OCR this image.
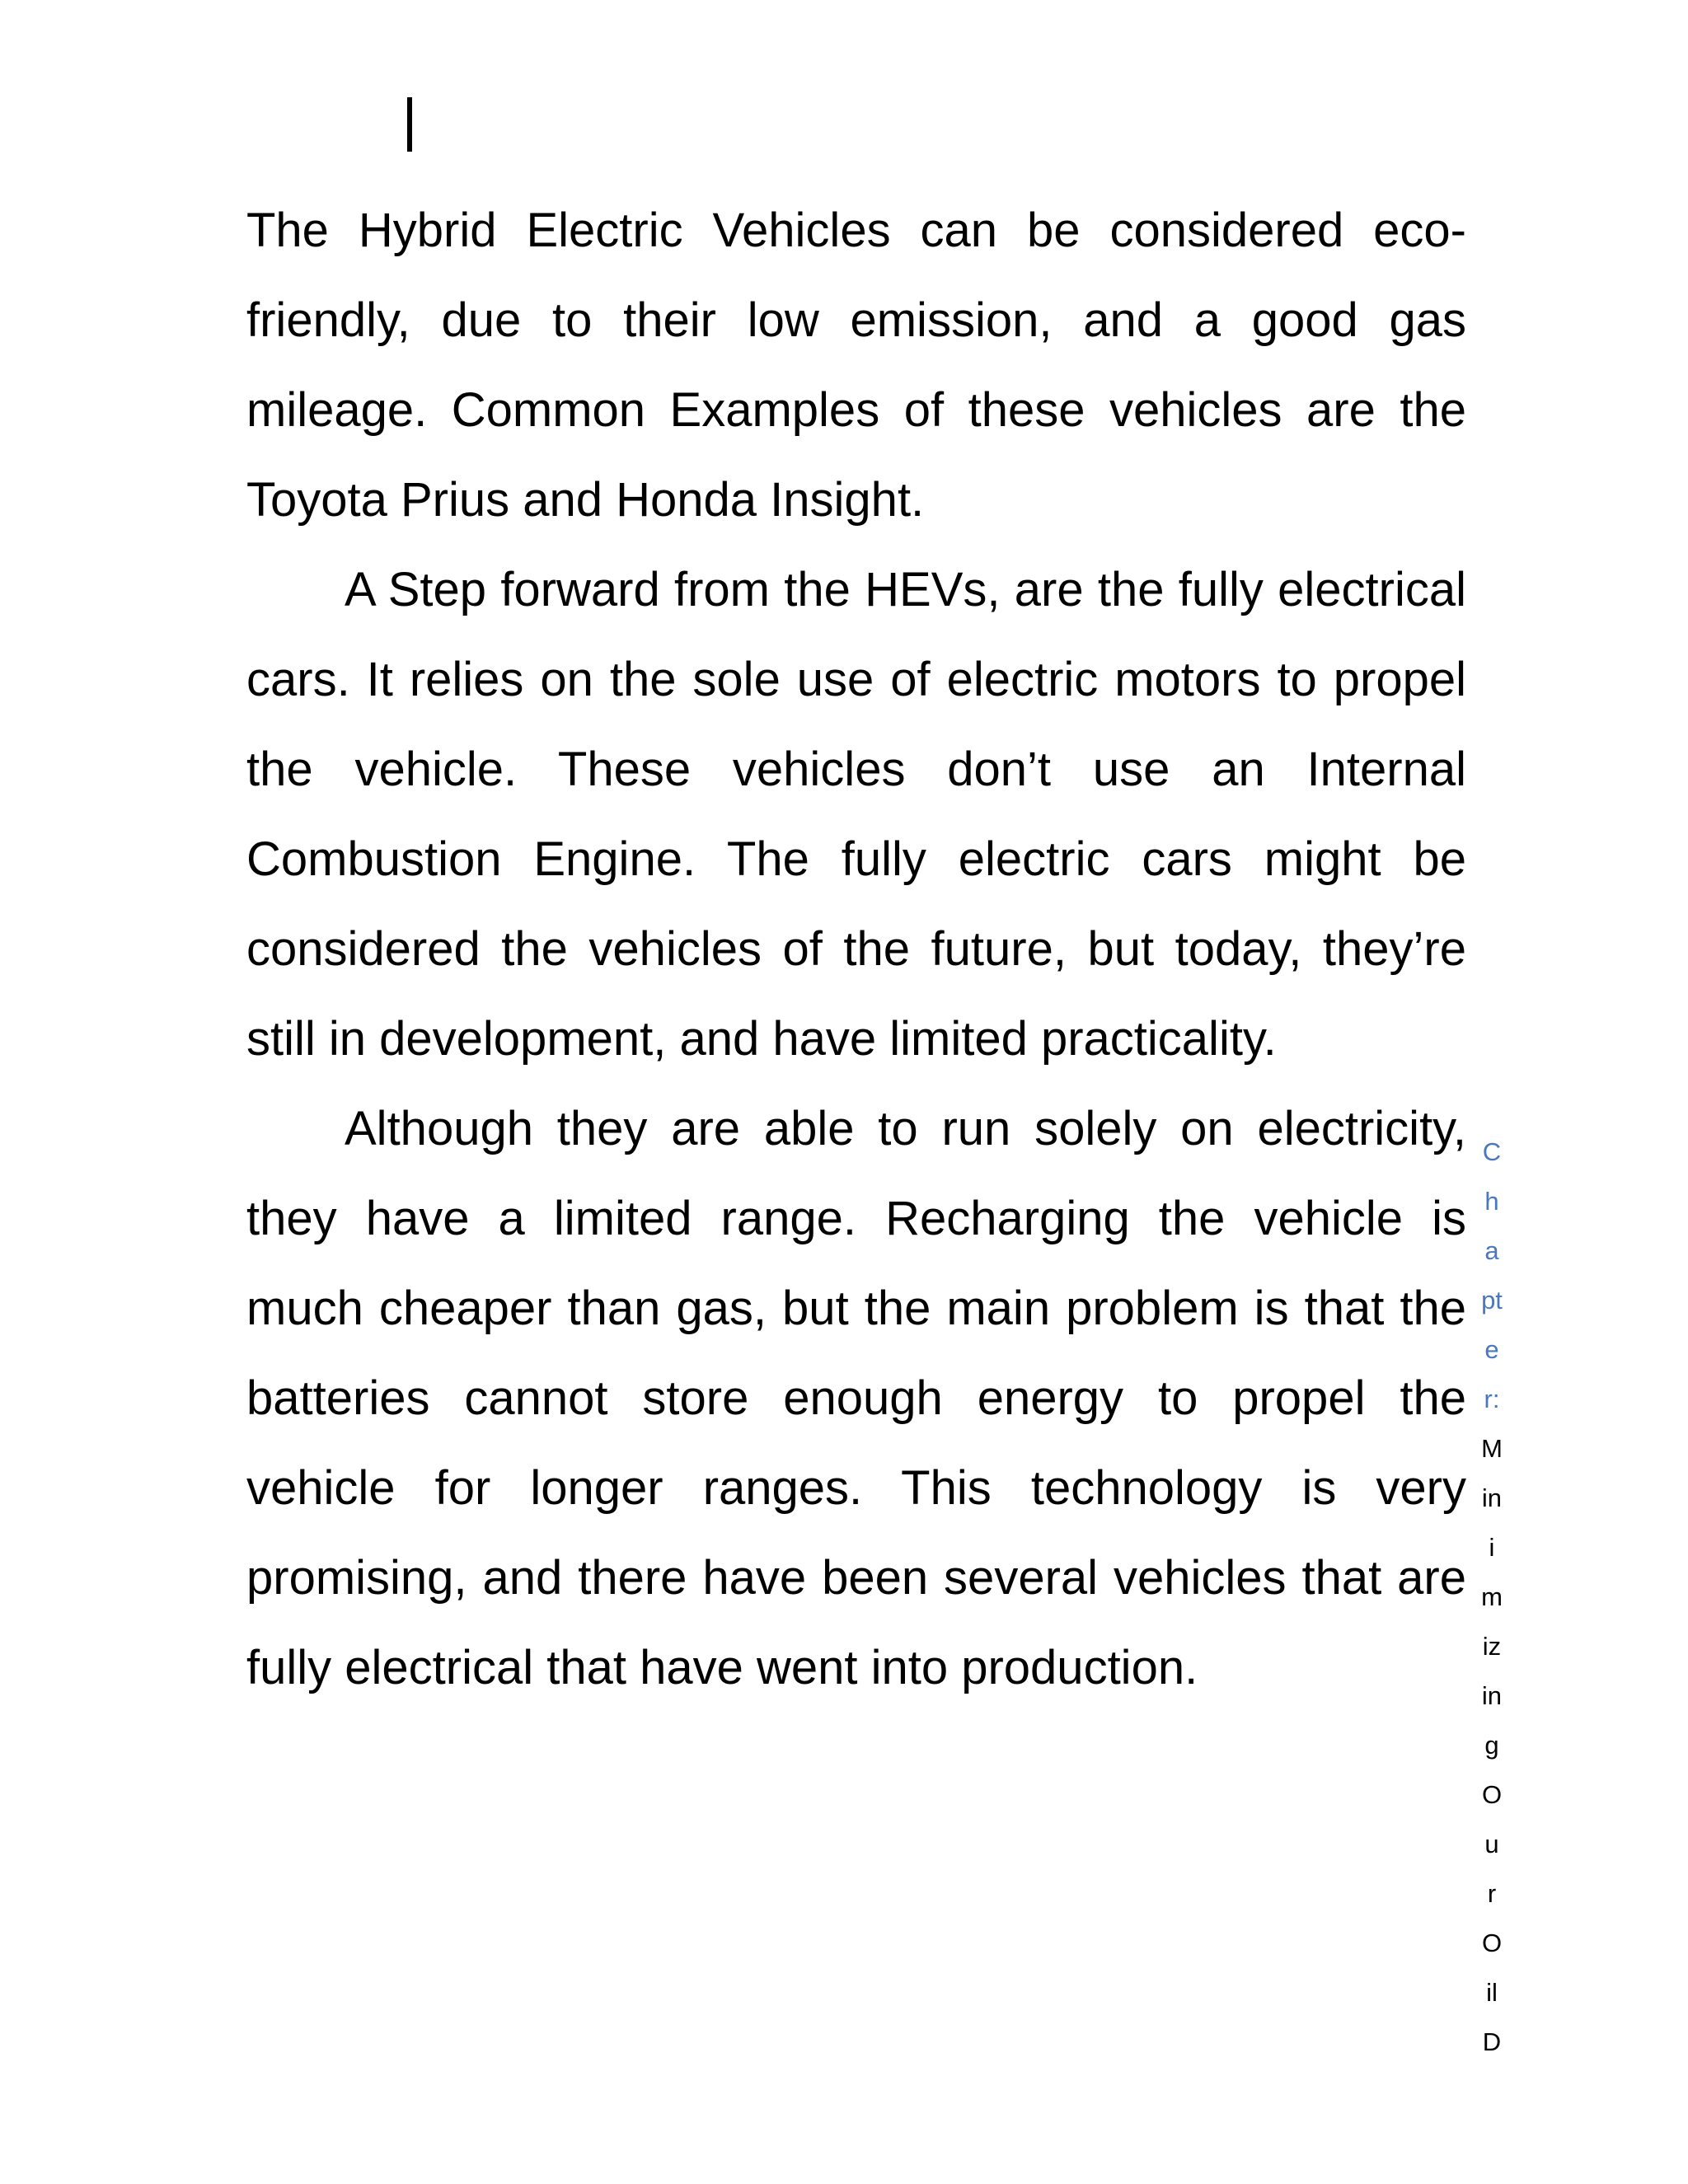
The Hybrid Electric Vehicles can be considered eco-friendly, due to their low emission, and a good gas mileage. Common Examples of these vehicles are the Toyota Prius and Honda Insight.

A Step forward from the HEVs, are the fully electrical cars. It relies on the sole use of electric motors to propel the vehicle. These vehicles don’t use an Internal Combustion Engine. The fully electric cars might be considered the vehicles of the future, but today, they’re still in development, and have limited practicality.

Although they are able to run solely on electricity, they have a limited range. Recharging the vehicle is much cheaper than gas, but the main problem is that the batteries cannot store enough energy to propel the vehicle for longer ranges. This technology is very promising, and there have been several vehicles that are fully electrical that have went into production.

C
h
a
pt
e
r:
M
in
i
m
iz
in
g
O
u
r
O
il
D
